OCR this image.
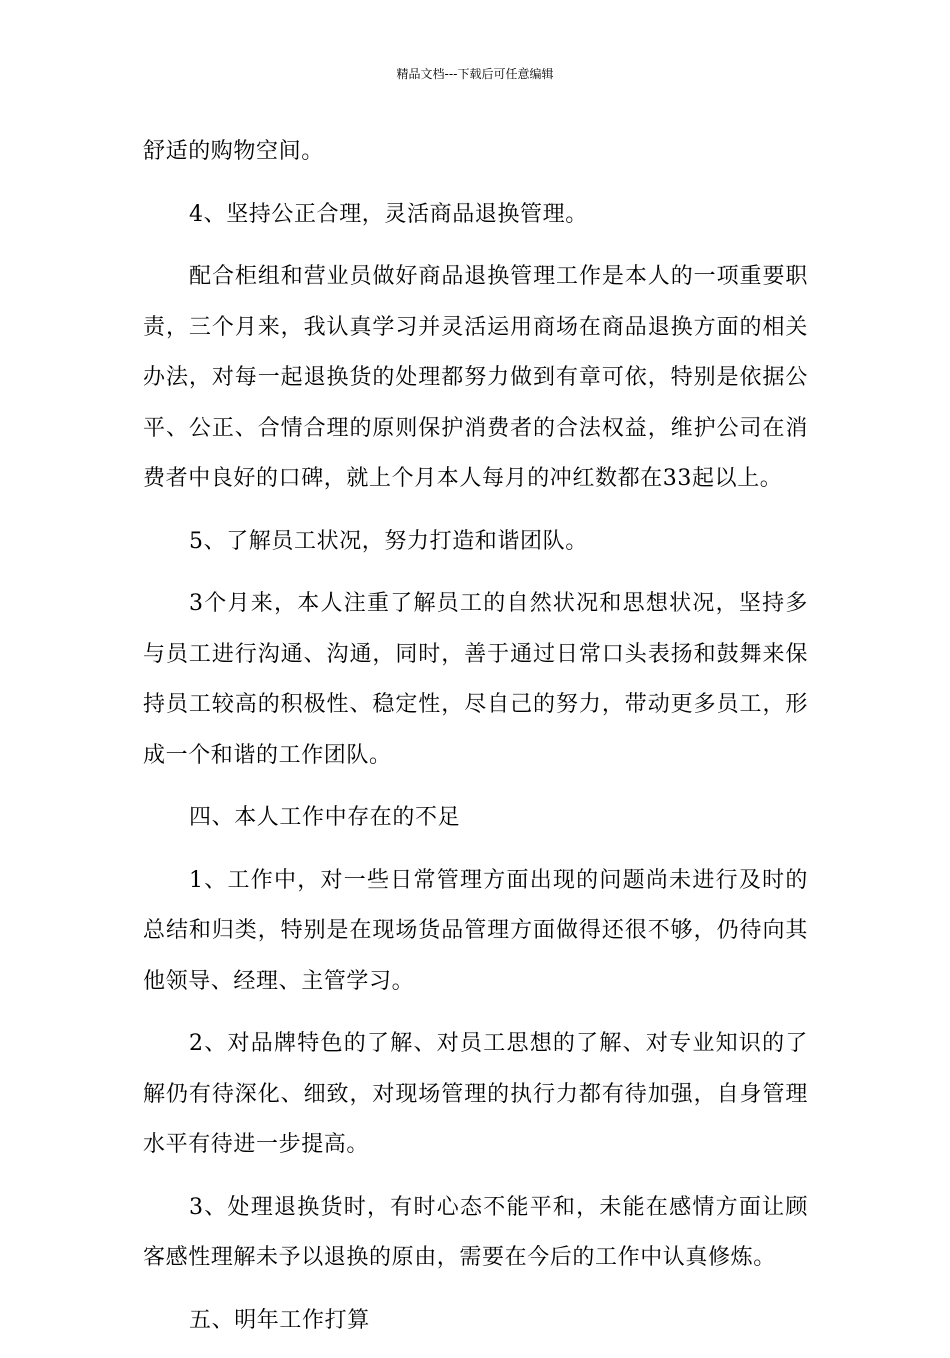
精品文档---下载后可任意编辑

舒适的购物空间。

4、坚持公正合理，灵活商品退换管理。

配合柜组和营业员做好商品退换管理工作是本人的一项重要职责，三个月来，我认真学习并灵活运用商场在商品退换方面的相关办法，对每一起退换货的处理都努力做到有章可依，特别是依据公平、公正、合情合理的原则保护消费者的合法权益，维护公司在消费者中良好的口碑，就上个月本人每月的冲红数都在33起以上。

5、了解员工状况，努力打造和谐团队。

3个月来，本人注重了解员工的自然状况和思想状况，坚持多与员工进行沟通、沟通，同时，善于通过日常口头表扬和鼓舞来保持员工较高的积极性、稳定性，尽自己的努力，带动更多员工，形成一个和谐的工作团队。

四、本人工作中存在的不足

1、工作中，对一些日常管理方面出现的问题尚未进行及时的总结和归类，特别是在现场货品管理方面做得还很不够，仍待向其他领导、经理、主管学习。

2、对品牌特色的了解、对员工思想的了解、对专业知识的了解仍有待深化、细致，对现场管理的执行力都有待加强，自身管理水平有待进一步提高。

3、处理退换货时，有时心态不能平和，未能在感情方面让顾客感性理解未予以退换的原由，需要在今后的工作中认真修炼。

五、明年工作打算
